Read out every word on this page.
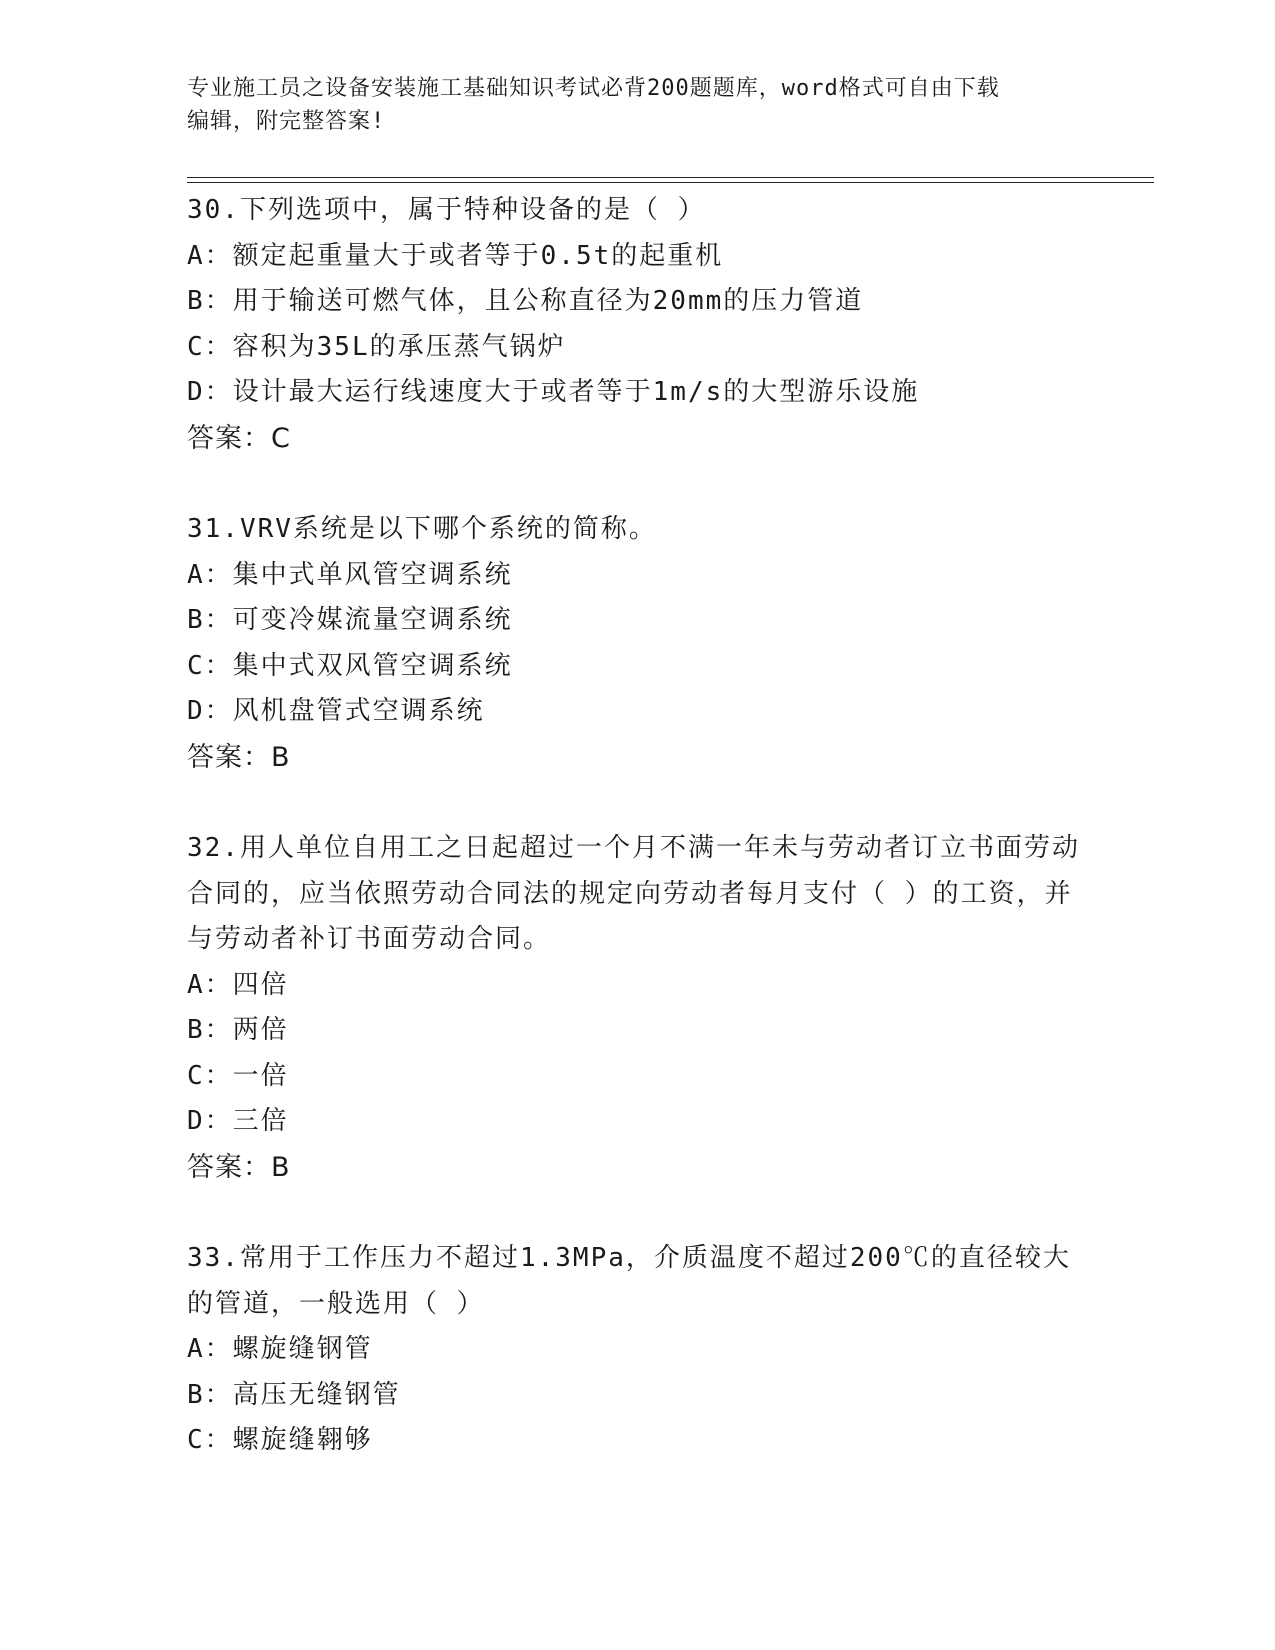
专业施工员之设备安装施工基础知识考试必背200题题库，word格式可自由下载
编辑，附完整答案!
30.下列选项中，属于特种设备的是（ ）
A：额定起重量大于或者等于0.5t的起重机
B：用于输送可燃气体，且公称直径为20mm的压力管道
C：容积为35L的承压蒸气锅炉
D：设计最大运行线速度大于或者等于1m/s的大型游乐设施
答案：C
31.VRV系统是以下哪个系统的简称。
A：集中式单风管空调系统
B：可变冷媒流量空调系统
C：集中式双风管空调系统
D：风机盘管式空调系统
答案：B
32.用人单位自用工之日起超过一个月不满一年未与劳动者订立书面劳动合同的，应当依照劳动合同法的规定向劳动者每月支付（ ）的工资，并与劳动者补订书面劳动合同。
A：四倍
B：两倍
C：一倍
D：三倍
答案：B
33.常用于工作压力不超过1.3MPa，介质温度不超过200℃的直径较大的管道，一般选用（ ）
A：螺旋缝钢管
B：高压无缝钢管
C：螺旋缝翱够
